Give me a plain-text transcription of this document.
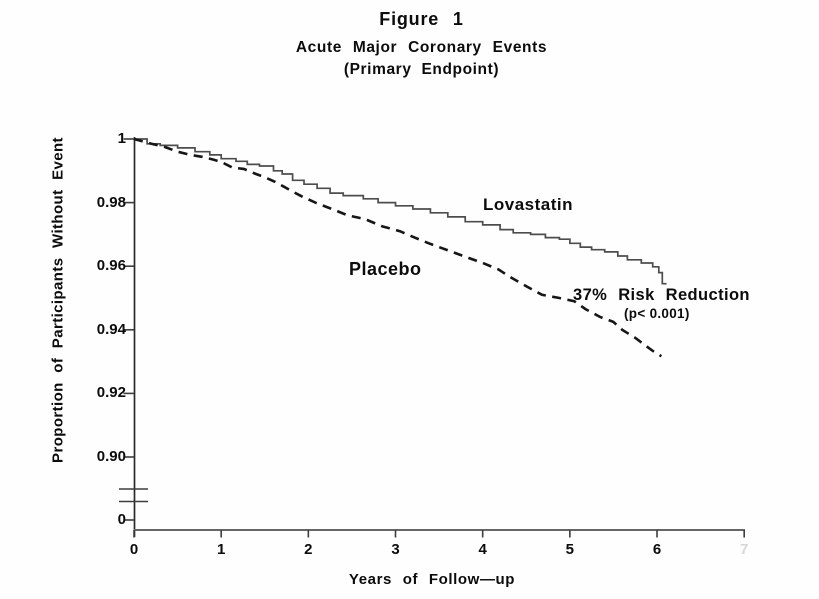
Figure 1
Acute Major Coronary Events
(Primary Endpoint)
Proportion of Participants Without Event
Years of Follow—up
0	1	2	3	4	5	6	7
1
0.98
0.96
0.94
0.92
0.90
0
Lovastatin
Placebo
37% Risk Reduction
(p< 0.001)
